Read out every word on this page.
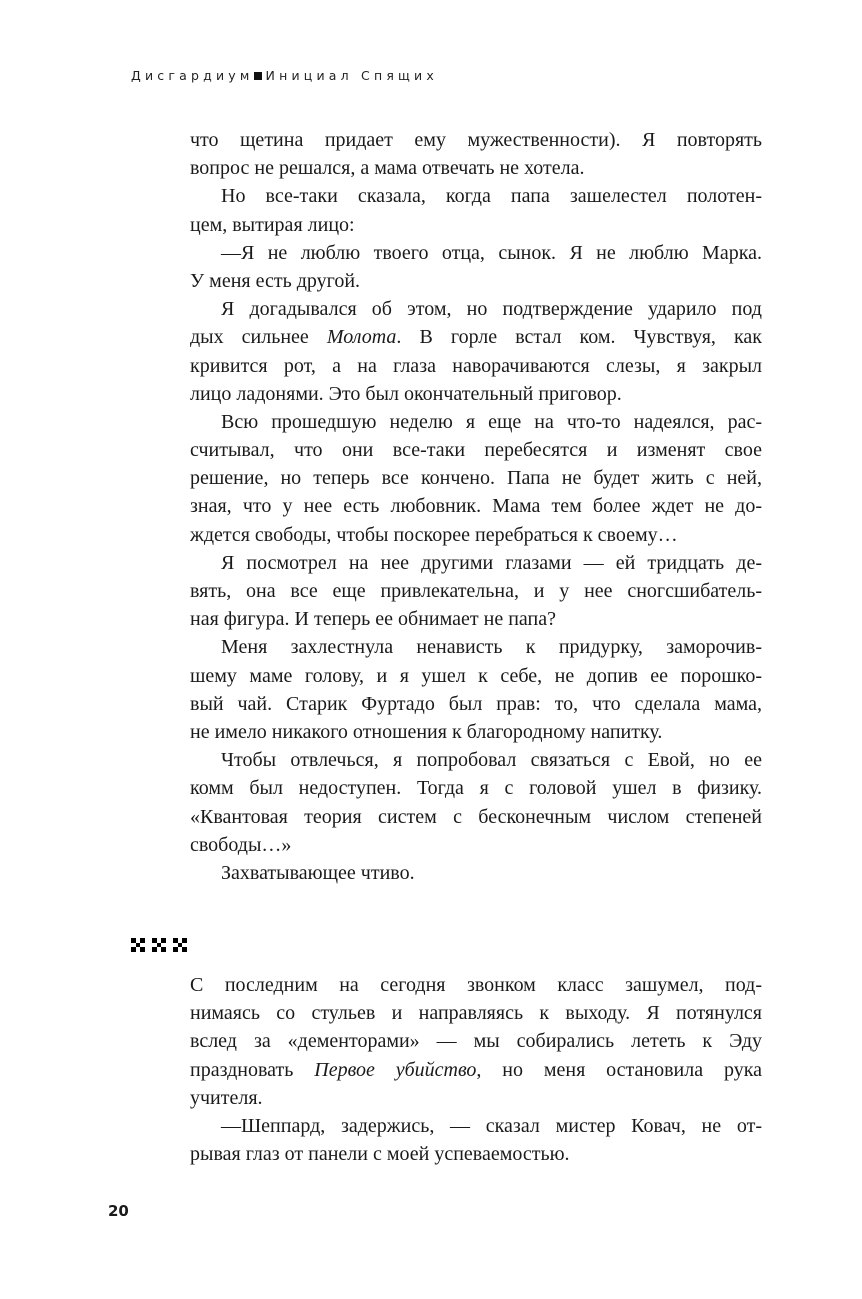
Дисгардиум Инициал Спящих
что щетина придает ему мужественности). Я повторять
вопрос не решался, а мама отвечать не хотела.
Но все-таки сказала, когда папа зашелестел полотен-
цем, вытирая лицо:
—Я не люблю твоего отца, сынок. Я не люблю Марка.
У меня есть другой.
Я догадывался об этом, но подтверждение ударило под
дых сильнее Молота. В горле встал ком. Чувствуя, как
кривится рот, а на глаза наворачиваются слезы, я закрыл
лицо ладонями. Это был окончательный приговор.
Всю прошедшую неделю я еще на что-то надеялся, рас-
считывал, что они все-таки перебесятся и изменят свое
решение, но теперь все кончено. Папа не будет жить с ней,
зная, что у нее есть любовник. Мама тем более ждет не до-
ждется свободы, чтобы поскорее перебраться к своему…
Я посмотрел на нее другими глазами — ей тридцать де-
вять, она все еще привлекательна, и у нее сногсшибатель-
ная фигура. И теперь ее обнимает не папа?
Меня захлестнула ненависть к придурку, заморочив-
шему маме голову, и я ушел к себе, не допив ее порошко-
вый чай. Старик Фуртадо был прав: то, что сделала мама,
не имело никакого отношения к благородному напитку.
Чтобы отвлечься, я попробовал связаться с Евой, но ее
комм был недоступен. Тогда я с головой ушел в физику.
«Квантовая теория систем с бесконечным числом степеней
свободы…»
Захватывающее чтиво.
С последним на сегодня звонком класс зашумел, под-
нимаясь со стульев и направляясь к выходу. Я потянулся
вслед за «дементорами» — мы собирались лететь к Эду
праздновать Первое убийство, но меня остановила рука
учителя.
—Шеппард, задержись, — сказал мистер Ковач, не от-
рывая глаз от панели с моей успеваемостью.
20
